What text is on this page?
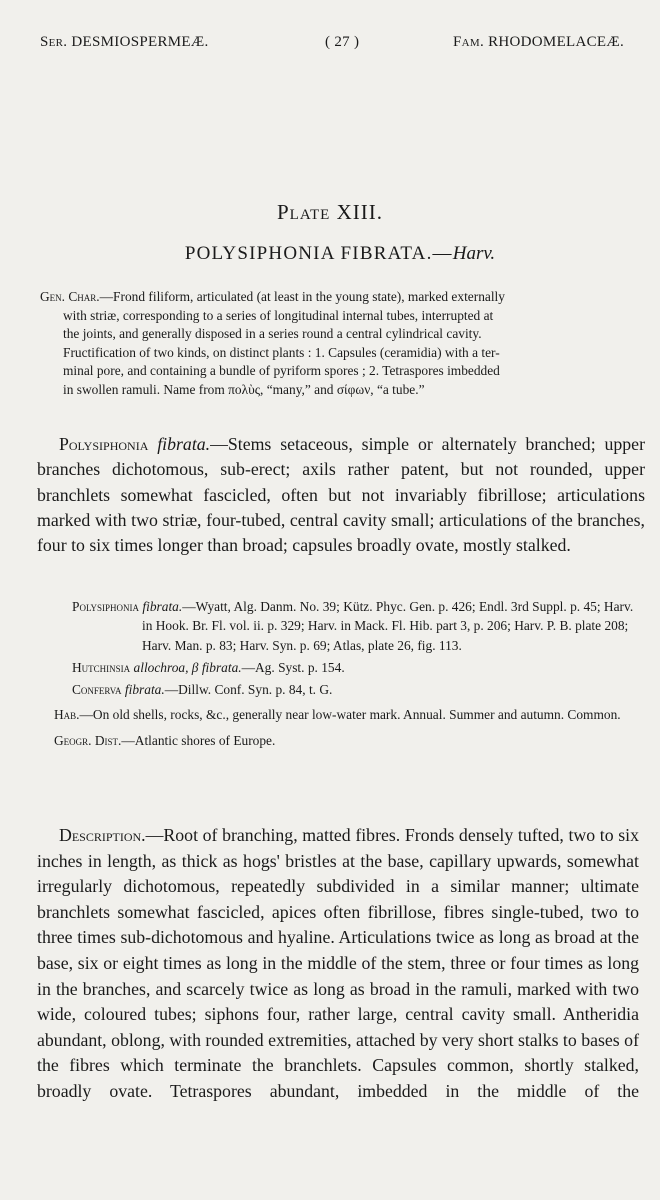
Ser. DESMIOSPERMEÆ.	( 27 )	Fam. RHODOMELACEÆ.
Plate XIII.
POLYSIPHONIA FIBRATA.—Harv.
Gen. Char.—Frond filiform, articulated (at least in the young state), marked externally
with striæ, corresponding to a series of longitudinal internal tubes, interrupted at
the joints, and generally disposed in a series round a central cylindrical cavity.
Fructification of two kinds, on distinct plants : 1. Capsules (ceramidia) with a ter-
minal pore, and containing a bundle of pyriform spores ; 2. Tetraspores imbedded
in swollen ramuli. Name from πολὺς, “many,” and σίφων, “a tube.”

Polysiphonia fibrata.—Stems setaceous, simple or alternately branched; upper branches dichotomous, sub-erect; axils rather patent, but not rounded, upper branchlets somewhat fascicled, often but not invariably fibrillose; articulations marked with two striæ, four-tubed, central cavity small; articulations of the branches, four to six times longer than broad; capsules broadly ovate, mostly stalked.

Polysiphonia fibrata.—Wyatt, Alg. Danm. No. 39; Kütz. Phyc. Gen. p. 426; Endl. 3rd Suppl. p. 45; Harv. in Hook. Br. Fl. vol. ii. p. 329; Harv. in Mack. Fl. Hib. part 3, p. 206; Harv. P. B. plate 208; Harv. Man. p. 83; Harv. Syn. p. 69; Atlas, plate 26, fig. 113.
Hutchinsia allochroa, β fibrata.—Ag. Syst. p. 154.
Conferva fibrata.—Dillw. Conf. Syn. p. 84, t. G.
Hab.—On old shells, rocks, &c., generally near low-water mark. Annual. Summer and autumn. Common.
Geogr. Dist.—Atlantic shores of Europe.

Description.—Root of branching, matted fibres. Fronds densely tufted, two to six inches in length, as thick as hogs' bristles at the base, capillary upwards, somewhat irregularly dichotomous, repeatedly subdivided in a similar manner; ultimate branchlets somewhat fascicled, apices often fibrillose, fibres single-tubed, two to three times sub-dichotomous and hyaline. Articulations twice as long as broad at the base, six or eight times as long in the middle of the stem, three or four times as long in the branches, and scarcely twice as long as broad in the ramuli, marked with two wide, coloured tubes; siphons four, rather large, central cavity small. Antheridia abundant, oblong, with rounded extremities, attached by very short stalks to bases of the fibres which terminate the branchlets. Capsules common, shortly stalked, broadly ovate. Tetraspores abundant, imbedded in the middle of the
